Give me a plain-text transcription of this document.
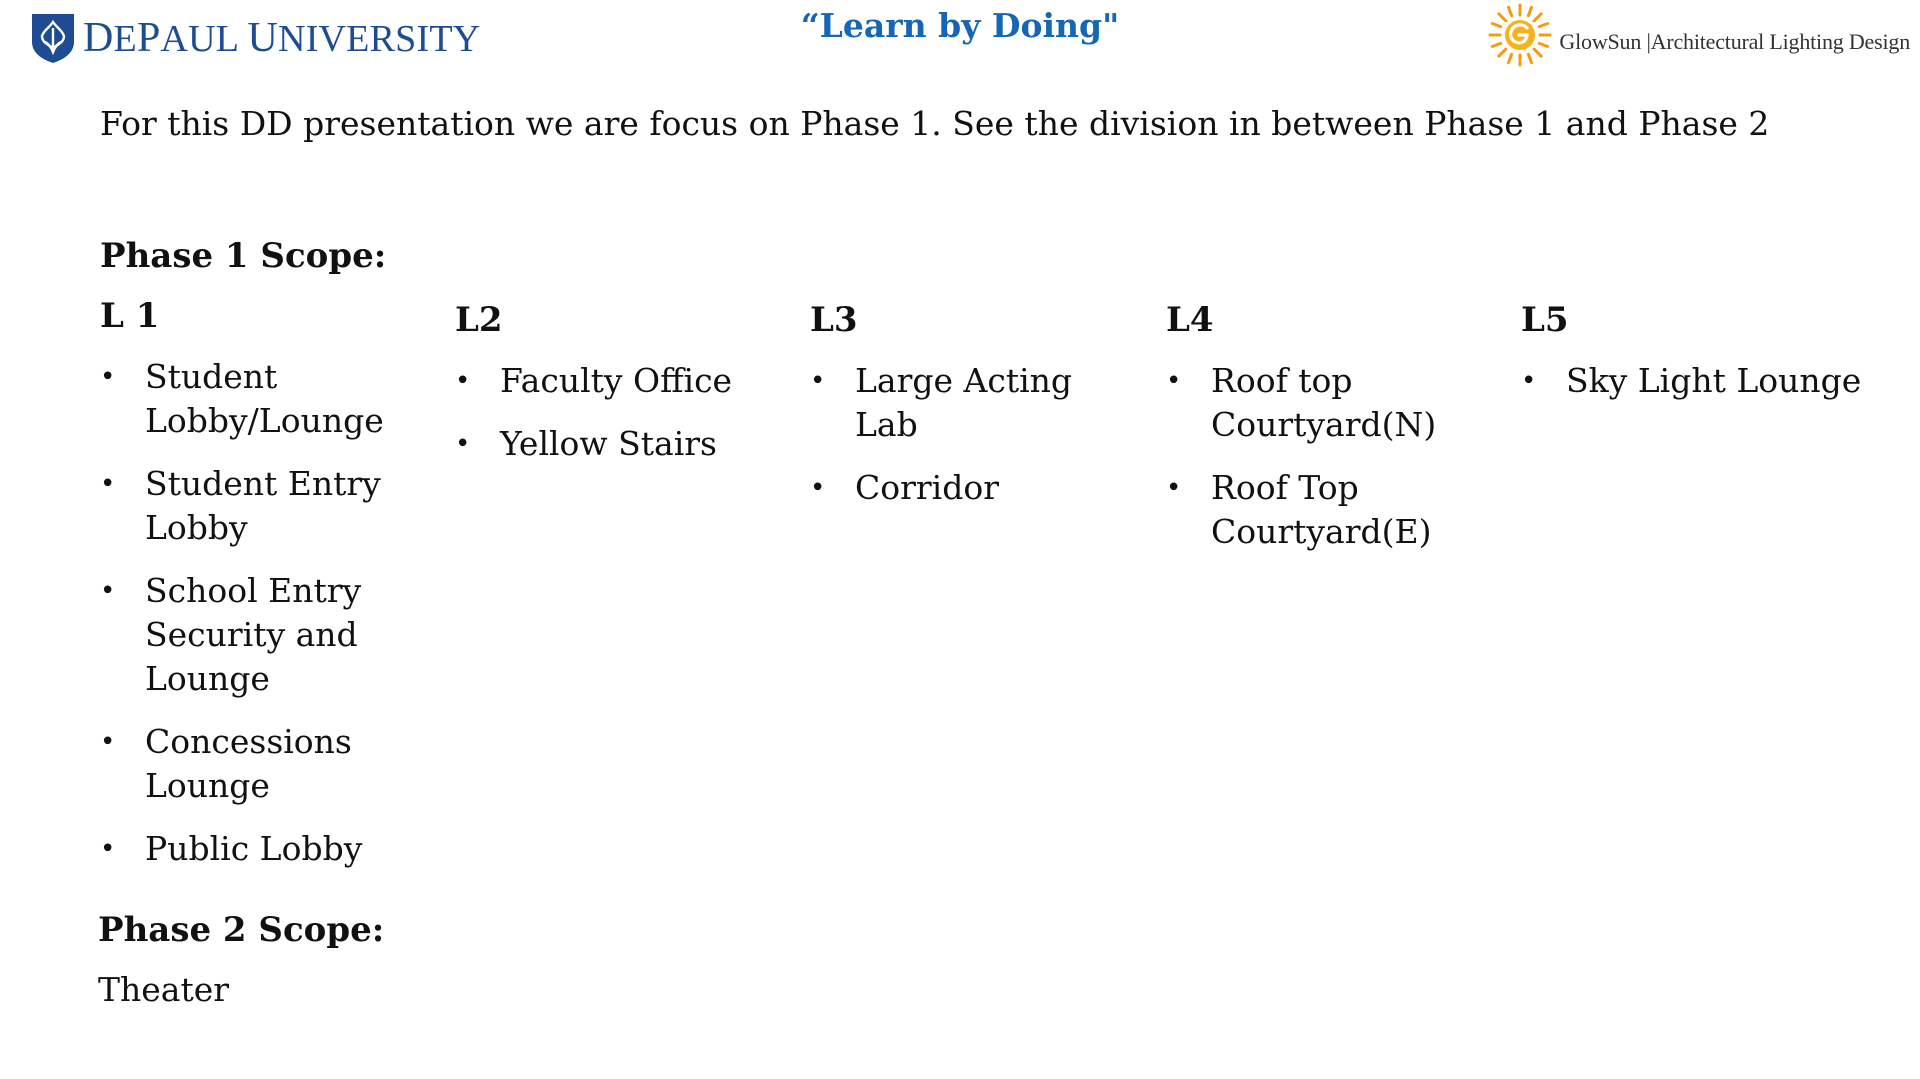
DEPAUL UNIVERSITY	“Learn by Doing"	GlowSun |Architectural Lighting Design
For this DD presentation we are focus on Phase 1. See the division in between Phase 1 and Phase 2
Phase 1 Scope:
L 1
• Student
Lobby/Lounge
• Student Entry
Lobby
• School Entry
Security and
Lounge
• Concessions
Lounge
• Public Lobby
L2
• Faculty Office
• Yellow Stairs
L3
• Large Acting Lab
• Corridor
L4
• Roof top
Courtyard(N)
• Roof Top
Courtyard(E)
L5
• Sky Light Lounge
Phase 2 Scope:
Theater
